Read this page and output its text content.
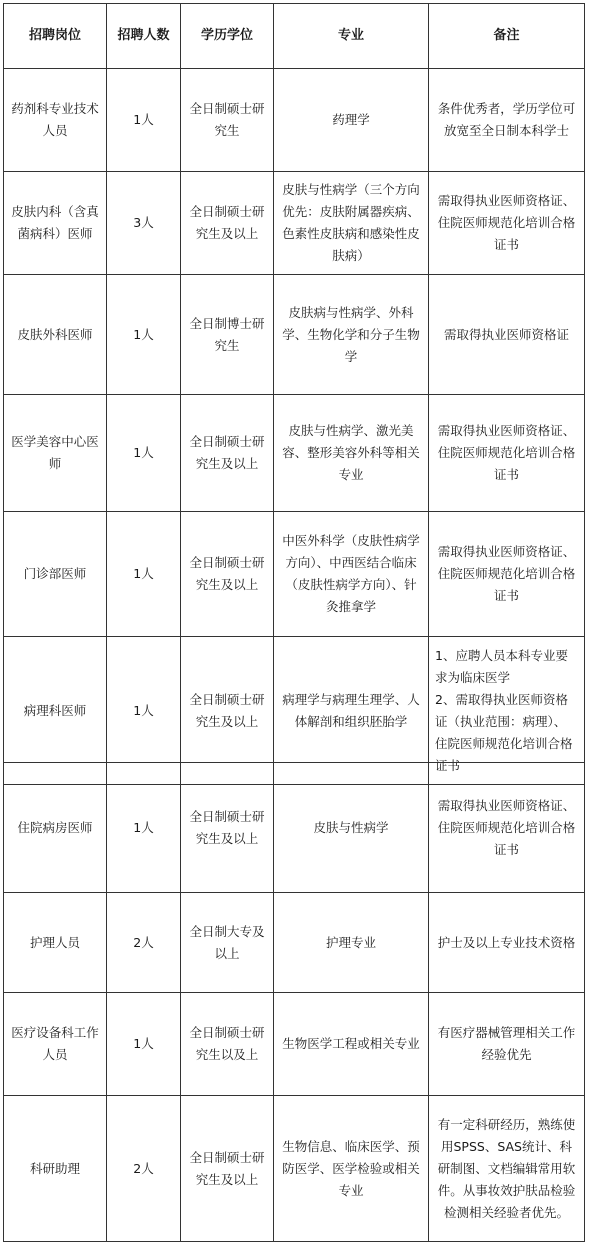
招聘岗位	招聘人数	学历学位	专业	备注
药剂科专业技术人员	1人	全日制硕士研究生	药理学	条件优秀者，学历学位可放宽至全日制本科学士
皮肤内科（含真菌病科）医师	3人	全日制硕士研究生及以上	皮肤与性病学（三个方向优先：皮肤附属器疾病、色素性皮肤病和感染性皮肤病）	需取得执业医师资格证、住院医师规范化培训合格证书
皮肤外科医师	1人	全日制博士研究生	皮肤病与性病学、外科学、生物化学和分子生物学	需取得执业医师资格证
医学美容中心医师	1人	全日制硕士研究生及以上	皮肤与性病学、激光美容、整形美容外科等相关专业	需取得执业医师资格证、住院医师规范化培训合格证书
门诊部医师	1人	全日制硕士研究生及以上	中医外科学（皮肤性病学方向）、中西医结合临床（皮肤性病学方向）、针灸推拿学	需取得执业医师资格证、住院医师规范化培训合格证书
病理科医师	1人	全日制硕士研究生及以上	病理学与病理生理学、人体解剖和组织胚胎学	1、应聘人员本科专业要求为临床医学
2、需取得执业医师资格证（执业范围：病理）、住院医师规范化培训合格证书
住院病房医师	1人	全日制硕士研究生及以上	皮肤与性病学	需取得执业医师资格证、住院医师规范化培训合格证书
护理人员	2人	全日制大专及以上	护理专业	护士及以上专业技术资格
医疗设备科工作人员	1人	全日制硕士研究生以及上	生物医学工程或相关专业	有医疗器械管理相关工作经验优先
科研助理	2人	全日制硕士研究生及以上	生物信息、临床医学、预防医学、医学检验或相关专业	有一定科研经历，熟练使用SPSS、SAS统计、科研制图、文档编辑常用软件。从事妆效护肤品检验检测相关经验者优先。
